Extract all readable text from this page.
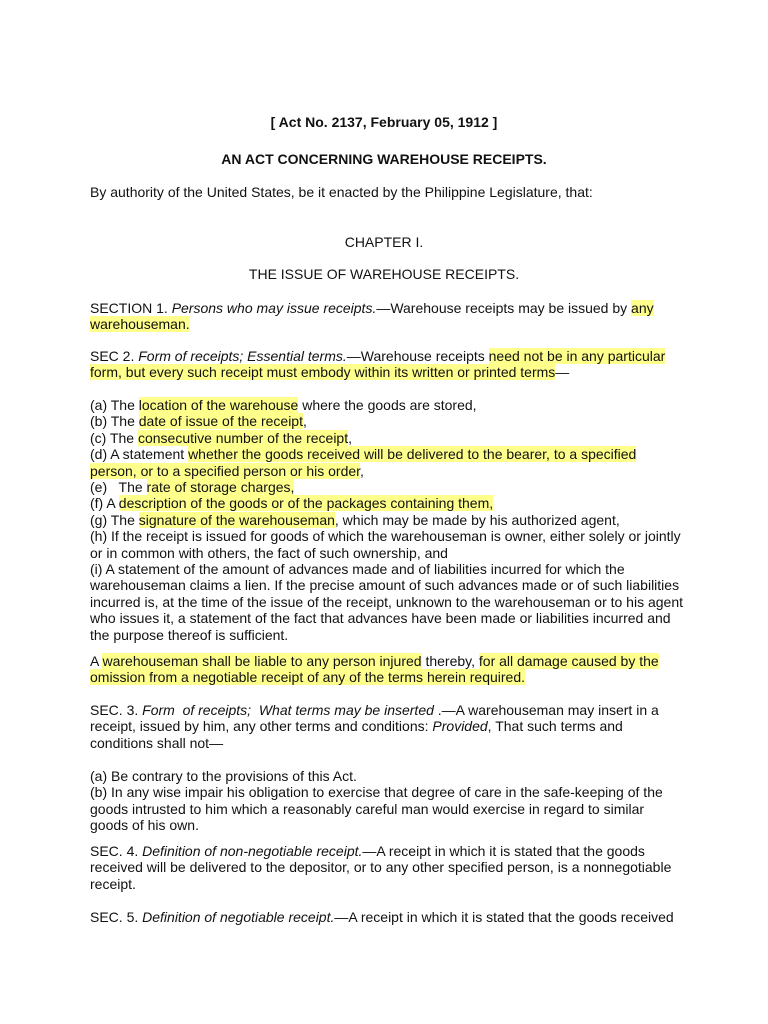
[ Act No. 2137, February 05, 1912 ]
AN ACT CONCERNING WAREHOUSE RECEIPTS.
By authority of the United States, be it enacted by the Philippine Legislature, that:
CHAPTER I.
THE ISSUE OF WAREHOUSE RECEIPTS.
SECTION 1. Persons who may issue receipts.—Warehouse receipts may be issued by any
warehouseman.
SEC 2. Form of receipts; Essential terms.—Warehouse receipts need not be in any particular
form, but every such receipt must embody within its written or printed terms—
(a) The location of the warehouse where the goods are stored,
(b) The date of issue of the receipt,
(c) The consecutive number of the receipt,
(d) A statement whether the goods received will be delivered to the bearer, to a specified
person, or to a specified person or his order,
(e)   The rate of storage charges,
(f) A description of the goods or of the packages containing them,
(g) The signature of the warehouseman, which may be made by his authorized agent,
(h) If the receipt is issued for goods of which the warehouseman is owner, either solely or jointly
or in common with others, the fact of such ownership, and
(i) A statement of the amount of advances made and of liabilities incurred for which the
warehouseman claims a lien. If the precise amount of such advances made or of such liabilities
incurred is, at the time of the issue of the receipt, unknown to the warehouseman or to his agent
who issues it, a statement of the fact that advances have been made or liabilities incurred and
the purpose thereof is sufficient.
A warehouseman shall be liable to any person injured thereby, for all damage caused by the
omission from a negotiable receipt of any of the terms herein required.
SEC. 3. Form  of receipts;  What terms may be inserted .—A warehouseman may insert in a
receipt, issued by him, any other terms and conditions: Provided, That such terms and
conditions shall not—
(a) Be contrary to the provisions of this Act.
(b) In any wise impair his obligation to exercise that degree of care in the safe-keeping of the
goods intrusted to him which a reasonably careful man would exercise in regard to similar
goods of his own.
SEC. 4. Definition of non-negotiable receipt.—A receipt in which it is stated that the goods
received will be delivered to the depositor, or to any other specified person, is a nonnegotiable
receipt.
SEC. 5. Definition of negotiable receipt.—A receipt in which it is stated that the goods received
